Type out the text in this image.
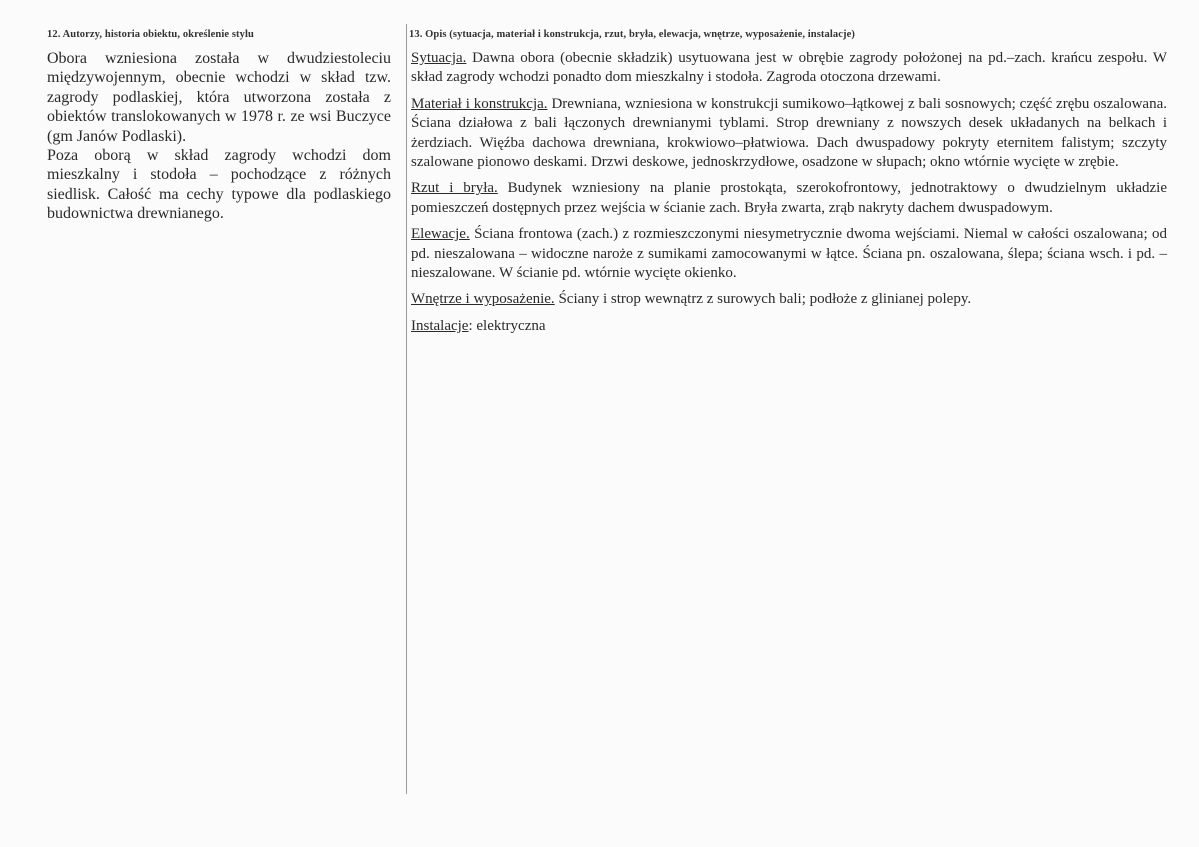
12. Autorzy, historia obiektu, określenie stylu

Obora wzniesiona została w dwudziestoleciu międzywojennym, obecnie wchodzi w skład tzw. zagrody podlaskiej, która utworzona została z obiektów translokowanych w 1978 r. ze wsi Buczyce (gm Janów Podlaski).

Poza oborą w skład zagrody wchodzi dom mieszkalny i stodoła – pochodzące z różnych siedlisk. Całość ma cechy typowe dla podlaskiego budownictwa drewnianego.

13. Opis (sytuacja, materiał i konstrukcja, rzut, bryła, elewacja, wnętrze, wyposażenie, instalacje)

Sytuacja. Dawna obora (obecnie składzik) usytuowana jest w obrębie zagrody położonej na pd.–zach. krańcu zespołu. W skład zagrody wchodzi ponadto dom mieszkalny i stodoła. Zagroda otoczona drzewami.

Materiał i konstrukcja. Drewniana, wzniesiona w konstrukcji sumikowo–łątkowej z bali sosnowych; część zrębu oszalowana. Ściana działowa z bali łączonych drewnianymi tyblami. Strop drewniany z nowszych desek układanych na belkach i żerdziach. Więźba dachowa drewniana, krokwiowo–płatwiowa. Dach dwuspadowy pokryty eternitem falistym; szczyty szalowane pionowo deskami. Drzwi deskowe, jednoskrzydłowe, osadzone w słupach; okno wtórnie wycięte w zrębie.

Rzut i bryła. Budynek wzniesiony na planie prostokąta, szerokofrontowy, jednotraktowy o dwudzielnym układzie pomieszczeń dostępnych przez wejścia w ścianie zach. Bryła zwarta, zrąb nakryty dachem dwuspadowym.

Elewacje. Ściana frontowa (zach.) z rozmieszczonymi niesymetrycznie dwoma wejściami. Niemal w całości oszalowana; od pd. nieszalowana – widoczne naroże z sumikami zamocowanymi w łątce. Ściana pn. oszalowana, ślepa; ściana wsch. i pd. – nieszalowane. W ścianie pd. wtórnie wycięte okienko.

Wnętrze i wyposażenie. Ściany i strop wewnątrz z surowych bali; podłoże z glinianej polepy.

Instalacje: elektryczna
